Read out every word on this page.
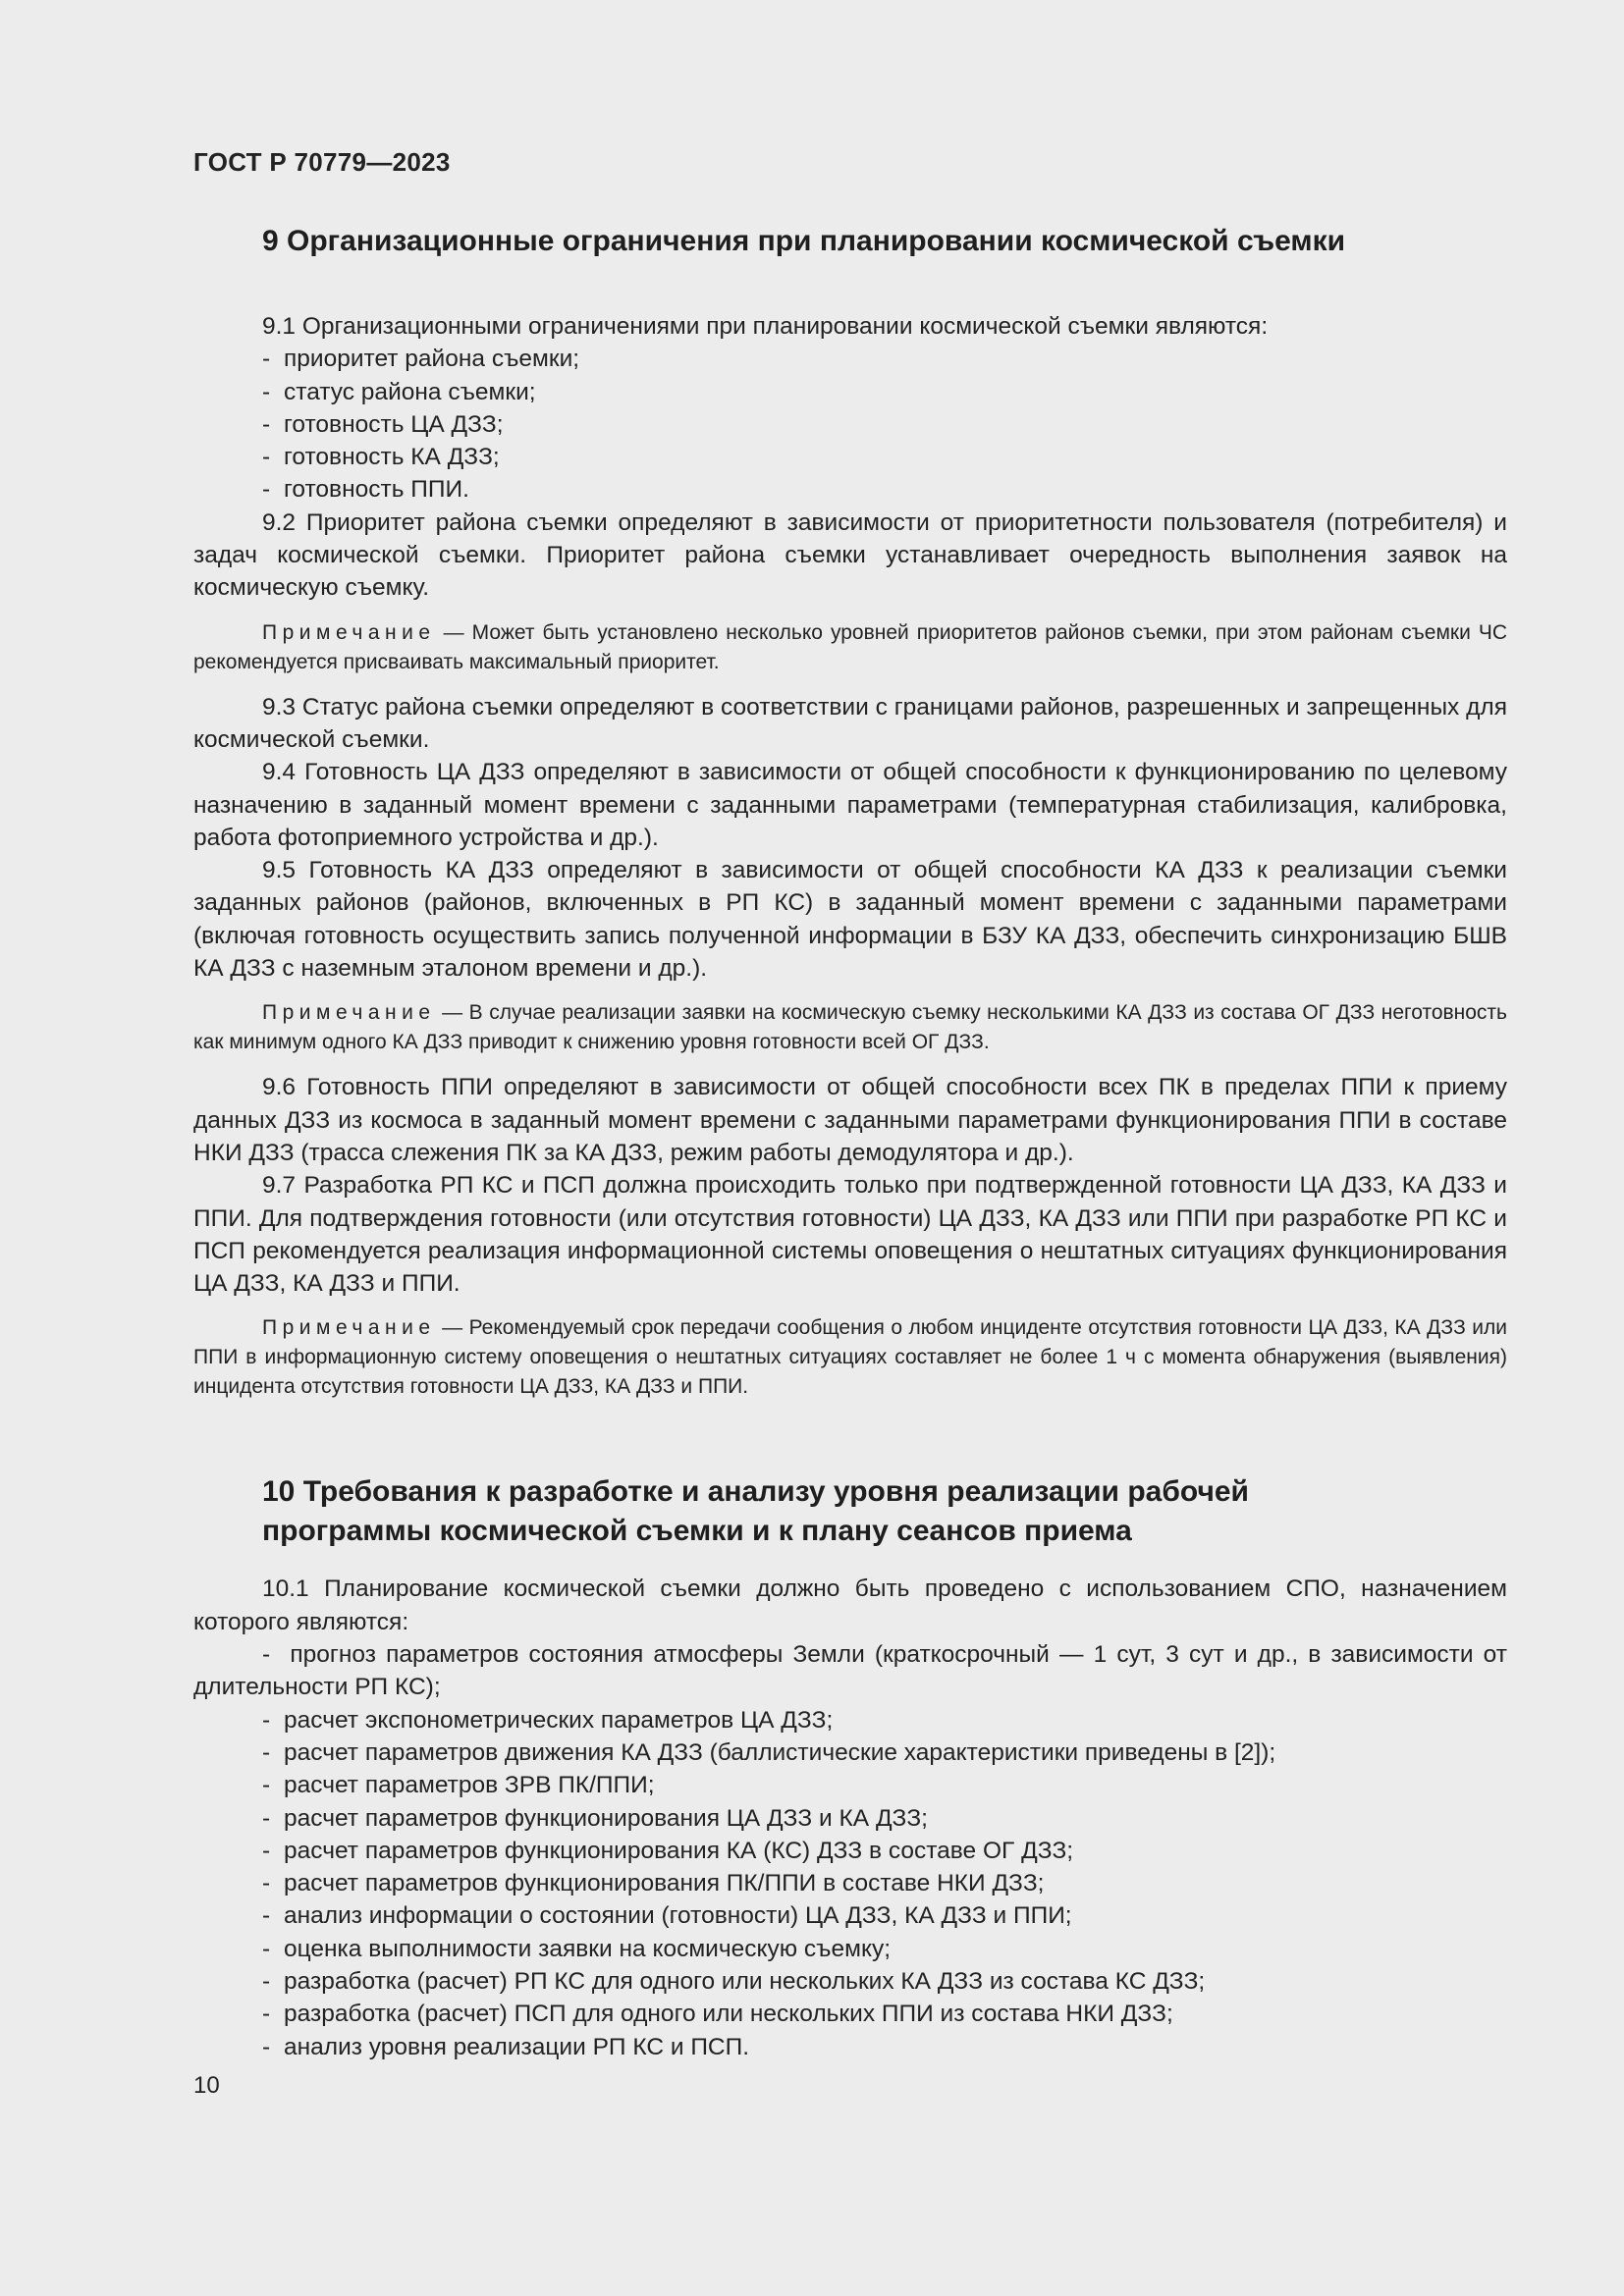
ГОСТ Р 70779—2023
9 Организационные ограничения при планировании космической съемки

9.1 Организационными ограничениями при планировании космической съемки являются:

- приоритет района съемки;

- статус района съемки;

- готовность ЦА ДЗЗ;

- готовность КА ДЗЗ;

- готовность ППИ.

9.2 Приоритет района съемки определяют в зависимости от приоритетности пользователя (потребителя) и задач космической съемки. Приоритет района съемки устанавливает очередность выполнения заявок на космическую съемку.

Примечание — Может быть установлено несколько уровней приоритетов районов съемки, при этом районам съемки ЧС рекомендуется присваивать максимальный приоритет.

9.3 Статус района съемки определяют в соответствии с границами районов, разрешенных и запрещенных для космической съемки.

9.4 Готовность ЦА ДЗЗ определяют в зависимости от общей способности к функционированию по целевому назначению в заданный момент времени с заданными параметрами (температурная стабилизация, калибровка, работа фотоприемного устройства и др.).

9.5 Готовность КА ДЗЗ определяют в зависимости от общей способности КА ДЗЗ к реализации съемки заданных районов (районов, включенных в РП КС) в заданный момент времени с заданными параметрами (включая готовность осуществить запись полученной информации в БЗУ КА ДЗЗ, обеспечить синхронизацию БШВ КА ДЗЗ с наземным эталоном времени и др.).

Примечание — В случае реализации заявки на космическую съемку несколькими КА ДЗЗ из состава ОГ ДЗЗ неготовность как минимум одного КА ДЗЗ приводит к снижению уровня готовности всей ОГ ДЗЗ.

9.6 Готовность ППИ определяют в зависимости от общей способности всех ПК в пределах ППИ к приему данных ДЗЗ из космоса в заданный момент времени с заданными параметрами функционирования ППИ в составе НКИ ДЗЗ (трасса слежения ПК за КА ДЗЗ, режим работы демодулятора и др.).

9.7 Разработка РП КС и ПСП должна происходить только при подтвержденной готовности ЦА ДЗЗ, КА ДЗЗ и ППИ. Для подтверждения готовности (или отсутствия готовности) ЦА ДЗЗ, КА ДЗЗ или ППИ при разработке РП КС и ПСП рекомендуется реализация информационной системы оповещения о нештатных ситуациях функционирования ЦА ДЗЗ, КА ДЗЗ и ППИ.

Примечание — Рекомендуемый срок передачи сообщения о любом инциденте отсутствия готовности ЦА ДЗЗ, КА ДЗЗ или ППИ в информационную систему оповещения о нештатных ситуациях составляет не более 1 ч с момента обнаружения (выявления) инцидента отсутствия готовности ЦА ДЗЗ, КА ДЗЗ и ППИ.

10 Требования к разработке и анализу уровня реализации рабочей
программы космической съемки и к плану сеансов приема

10.1 Планирование космической съемки должно быть проведено с использованием СПО, назначением которого являются:

-  прогноз параметров состояния атмосферы Земли (краткосрочный — 1 сут, 3 сут и др., в зависимости от длительности РП КС);

- расчет экспонометрических параметров ЦА ДЗЗ;

- расчет параметров движения КА ДЗЗ (баллистические характеристики приведены в [2]);

- расчет параметров ЗРВ ПК/ППИ;

- расчет параметров функционирования ЦА ДЗЗ и КА ДЗЗ;

- расчет параметров функционирования КА (КС) ДЗЗ в составе ОГ ДЗЗ;

- расчет параметров функционирования ПК/ППИ в составе НКИ ДЗЗ;

- анализ информации о состоянии (готовности) ЦА ДЗЗ, КА ДЗЗ и ППИ;

- оценка выполнимости заявки на космическую съемку;

- разработка (расчет) РП КС для одного или нескольких КА ДЗЗ из состава КС ДЗЗ;

- разработка (расчет) ПСП для одного или нескольких ППИ из состава НКИ ДЗЗ;

- анализ уровня реализации РП КС и ПСП.

10
